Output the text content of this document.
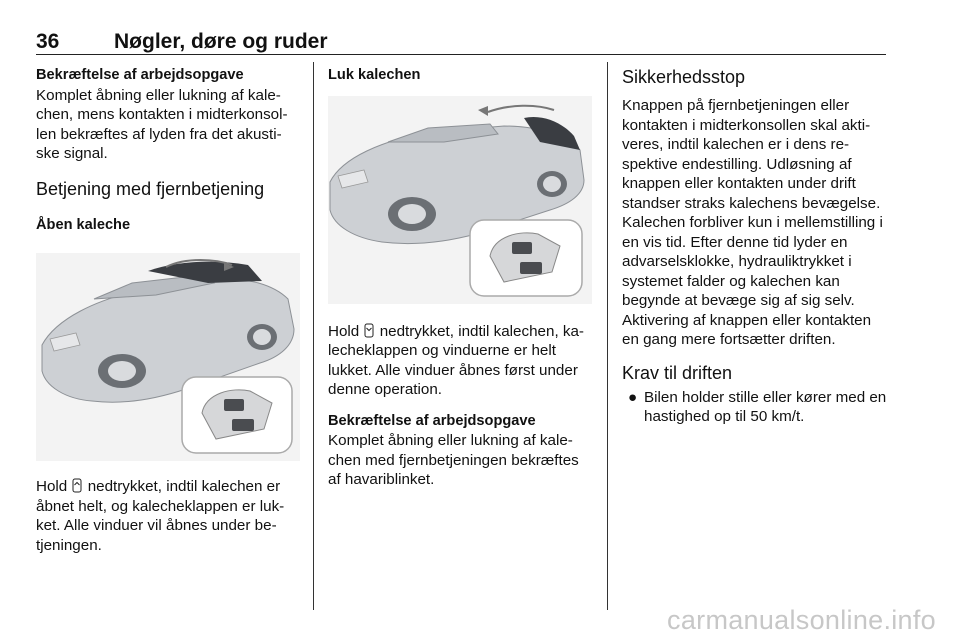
36	Nøgler, døre og ruder

Bekræftelse af arbejdsopgave

Komplet åbning eller lukning af kalechen, mens kontakten i midterkonsollen bekræftes af lyden fra det akustiske signal.

Betjening med fjernbetjening

Åben kaleche

Hold  nedtrykket, indtil kalechen er åbnet helt, og kalecheklappen er lukket. Alle vinduer vil åbnes under betjeningen.

Luk kalechen

Hold  nedtrykket, indtil kalechen, kalecheklappen og vinduerne er helt lukket. Alle vinduer åbnes først under denne operation.

Bekræftelse af arbejdsopgave

Komplet åbning eller lukning af kalechen med fjernbetjeningen bekræftes af havariblinket.

Sikkerhedsstop

Knappen på fjernbetjeningen eller kontakten i midterkonsollen skal aktiveres, indtil kalechen er i dens respektive endestilling. Udløsning af knappen eller kontakten under drift standser straks kalechens bevægelse. Kalechen forbliver kun i mellemstilling i en vis tid. Efter denne tid lyder en advarselsklokke, hydrauliktrykket i systemet falder og kalechen kan begynde at bevæge sig af sig selv. Aktivering af knappen eller kontakten en gang mere fortsætter driften.

Krav til driften

● Bilen holder stille eller kører med en hastighed op til 50 km/t.
carmanualsonline.info
